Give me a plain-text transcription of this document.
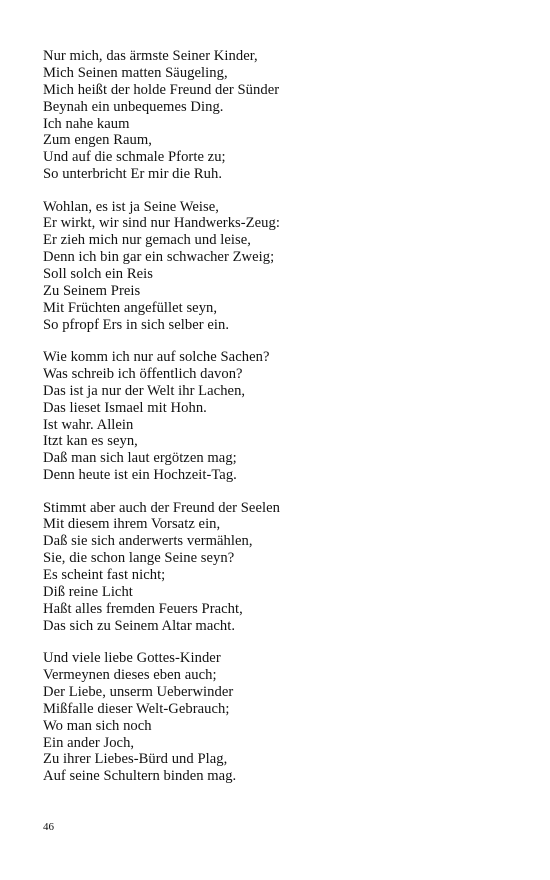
Nur mich, das ärmste Seiner Kinder,
Mich Seinen matten Säugeling,
Mich heißt der holde Freund der Sünder
Beynah ein unbequemes Ding.
Ich nahe kaum
Zum engen Raum,
Und auf die schmale Pforte zu;
So unterbricht Er mir die Ruh.
Wohlan, es ist ja Seine Weise,
Er wirkt, wir sind nur Handwerks-Zeug:
Er zieh mich nur gemach und leise,
Denn ich bin gar ein schwacher Zweig;
Soll solch ein Reis
Zu Seinem Preis
Mit Früchten angefüllet seyn,
So pfropf Ers in sich selber ein.
Wie komm ich nur auf solche Sachen?
Was schreib ich öffentlich davon?
Das ist ja nur der Welt ihr Lachen,
Das lieset Ismael mit Hohn.
Ist wahr. Allein
Itzt kan es seyn,
Daß man sich laut ergötzen mag;
Denn heute ist ein Hochzeit-Tag.
Stimmt aber auch der Freund der Seelen
Mit diesem ihrem Vorsatz ein,
Daß sie sich anderwerts vermählen,
Sie, die schon lange Seine seyn?
Es scheint fast nicht;
Diß reine Licht
Haßt alles fremden Feuers Pracht,
Das sich zu Seinem Altar macht.
Und viele liebe Gottes-Kinder
Vermeynen dieses eben auch;
Der Liebe, unserm Ueberwinder
Mißfalle dieser Welt-Gebrauch;
Wo man sich noch
Ein ander Joch,
Zu ihrer Liebes-Bürd und Plag,
Auf seine Schultern binden mag.
46
